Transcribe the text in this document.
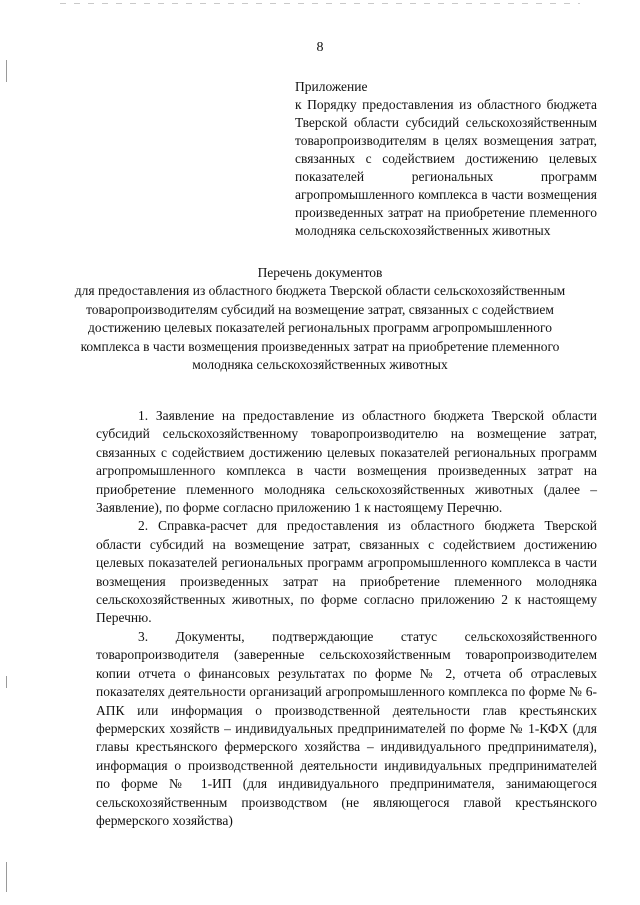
8
Приложение
к Порядку предоставления из областного бюджета Тверской области субсидий сельскохозяйственным товаропроизводителям в целях возмещения затрат, связанных с содействием достижению целевых показателей региональных программ агропромышленного комплекса в части возмещения произведенных затрат на приобретение племенного молодняка сельскохозяйственных животных
Перечень документов
для предоставления из областного бюджета Тверской области сельскохозяйственным товаропроизводителям субсидий на возмещение затрат, связанных с содействием достижению целевых показателей региональных программ агропромышленного комплекса в части возмещения произведенных затрат на приобретение племенного молодняка сельскохозяйственных животных

1. Заявление на предоставление из областного бюджета Тверской области субсидий сельскохозяйственному товаропроизводителю на возмещение затрат, связанных с содействием достижению целевых показателей региональных программ агропромышленного комплекса в части возмещения произведенных затрат на приобретение племенного молодняка сельскохозяйственных животных (далее – Заявление), по форме согласно приложению 1 к настоящему Перечню.

2. Справка-расчет для предоставления из областного бюджета Тверской области субсидий на возмещение затрат, связанных с содействием достижению целевых показателей региональных программ агропромышленного комплекса в части возмещения произведенных затрат на приобретение племенного молодняка сельскохозяйственных животных, по форме согласно приложению 2 к настоящему Перечню.

3. Документы, подтверждающие статус сельскохозяйственного товаропроизводителя (заверенные сельскохозяйственным товаропроизводителем копии отчета о финансовых результатах по форме № 2, отчета об отраслевых показателях деятельности организаций агропромышленного комплекса по форме № 6-АПК или информация о производственной деятельности глав крестьянских фермерских хозяйств – индивидуальных предпринимателей по форме № 1-КФХ (для главы крестьянского фермерского хозяйства – индивидуального предпринимателя), информация о производственной деятельности индивидуальных предпринимателей по форме № 1-ИП (для индивидуального предпринимателя, занимающегося сельскохозяйственным производством (не являющегося главой крестьянского фермерского хозяйства)
